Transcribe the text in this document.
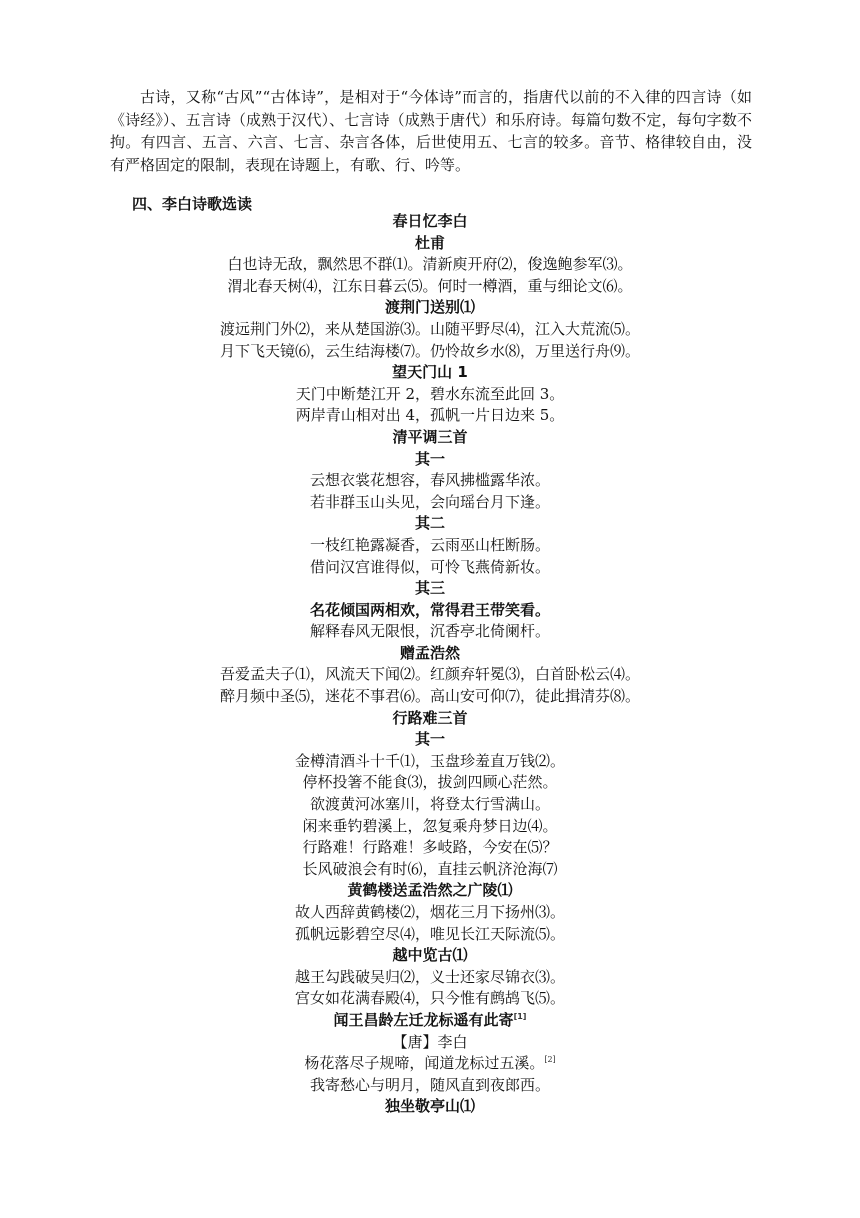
古诗，又称“古风”“古体诗”，是相对于“今体诗”而言的，指唐代以前的不入律的四言诗（如《诗经》）、五言诗（成熟于汉代）、七言诗（成熟于唐代）和乐府诗。每篇句数不定，每句字数不拘。有四言、五言、六言、七言、杂言各体，后世使用五、七言的较多。音节、格律较自由，没有严格固定的限制，表现在诗题上，有歌、行、吟等。

四、李白诗歌选读
春日忆李白
杜甫
白也诗无敌，飘然思不群⑴。清新庾开府⑵，俊逸鲍参军⑶。
渭北春天树⑷，江东日暮云⑸。何时一樽酒，重与细论文⑹。
渡荆门送别⑴
渡远荆门外⑵，来从楚国游⑶。山随平野尽⑷，江入大荒流⑸。
月下飞天镜⑹，云生结海楼⑺。仍怜故乡水⑻，万里送行舟⑼。
望天门山 1
天门中断楚江开 2，碧水东流至此回 3。
两岸青山相对出 4，孤帆一片日边来 5。
清平调三首
其一
云想衣裳花想容，春风拂槛露华浓。
若非群玉山头见，会向瑶台月下逢。
其二
一枝红艳露凝香，云雨巫山枉断肠。
借问汉宫谁得似，可怜飞燕倚新妆。
其三
名花倾国两相欢，常得君王带笑看。
解释春风无限恨，沉香亭北倚阑杆。
赠孟浩然
吾爱孟夫子⑴，风流天下闻⑵。红颜弃轩冕⑶，白首卧松云⑷。
醉月频中圣⑸，迷花不事君⑹。高山安可仰⑺，徒此揖清芬⑻。
行路难三首
其一
金樽清酒斗十千⑴，玉盘珍羞直万钱⑵。
停杯投箸不能食⑶，拔剑四顾心茫然。
欲渡黄河冰塞川，将登太行雪满山。
闲来垂钓碧溪上，忽复乘舟梦日边⑷。
行路难！行路难！多岐路，今安在⑸？
长风破浪会有时⑹，直挂云帆济沧海⑺
黄鹤楼送孟浩然之广陵⑴
故人西辞黄鹤楼⑵，烟花三月下扬州⑶。
孤帆远影碧空尽⑷，唯见长江天际流⑸。
越中览古⑴
越王勾践破吴归⑵，义士还家尽锦衣⑶。
宫女如花满春殿⑷，只今惟有鹧鸪飞⑸。
闻王昌龄左迁龙标遥有此寄[1]
【唐】李白
杨花落尽子规啼，闻道龙标过五溪。[2]
我寄愁心与明月，随风直到夜郎西。
独坐敬亭山⑴
